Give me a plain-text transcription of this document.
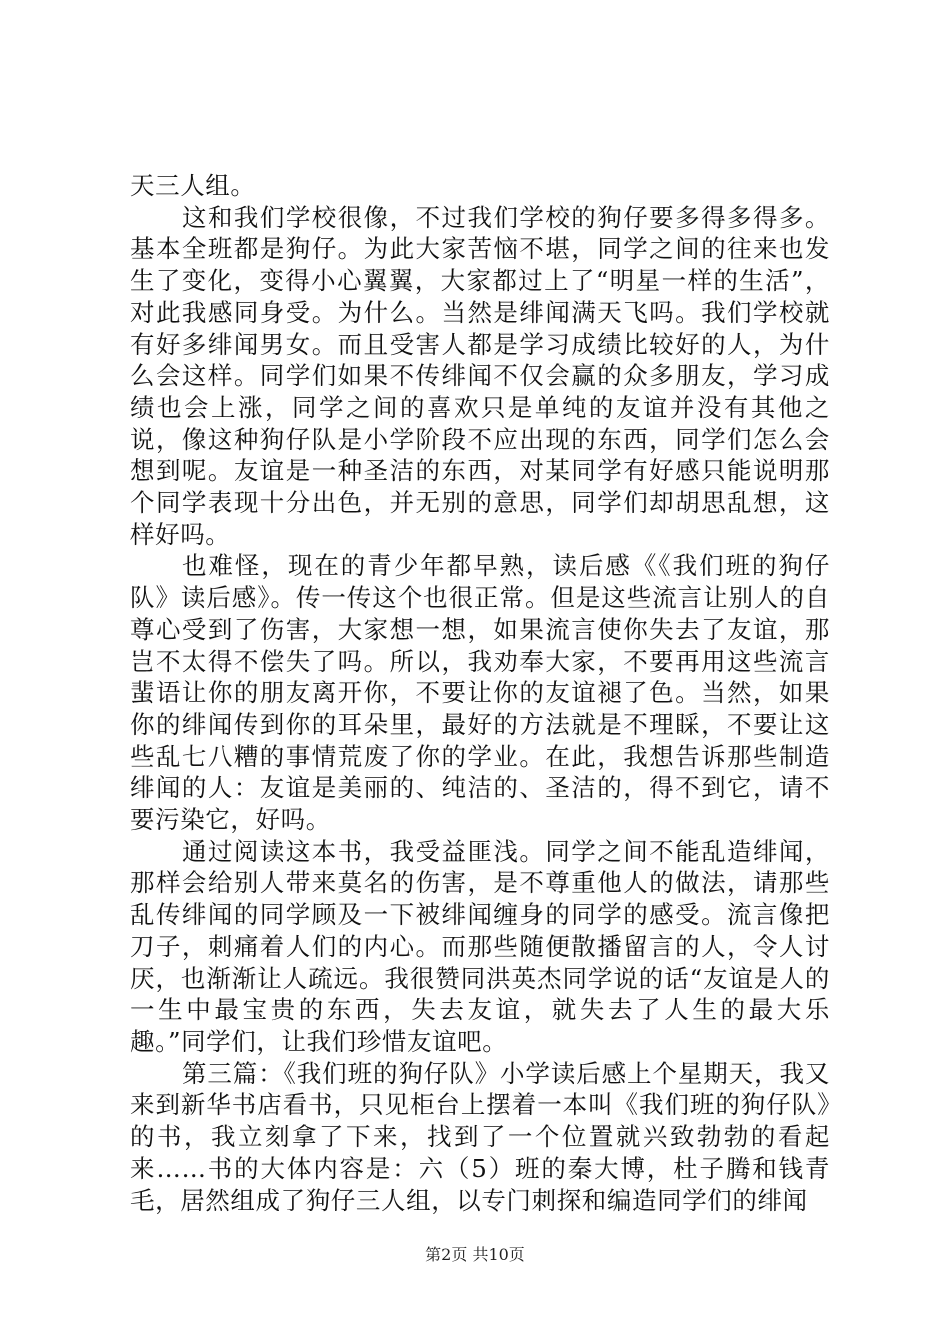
天三人组。

这和我们学校很像，不过我们学校的狗仔要多得多得多。基本全班都是狗仔。为此大家苦恼不堪，同学之间的往来也发生了变化，变得小心翼翼，大家都过上了“明星一样的生活”，对此我感同身受。为什么。当然是绯闻满天飞吗。我们学校就有好多绯闻男女。而且受害人都是学习成绩比较好的人，为什么会这样。同学们如果不传绯闻不仅会赢的众多朋友，学习成绩也会上涨，同学之间的喜欢只是单纯的友谊并没有其他之说，像这种狗仔队是小学阶段不应出现的东西，同学们怎么会想到呢。友谊是一种圣洁的东西，对某同学有好感只能说明那个同学表现十分出色，并无别的意思，同学们却胡思乱想，这样好吗。

也难怪，现在的青少年都早熟，读后感《《我们班的狗仔队》读后感》。传一传这个也很正常。但是这些流言让别人的自尊心受到了伤害，大家想一想，如果流言使你失去了友谊，那岂不太得不偿失了吗。所以，我劝奉大家，不要再用这些流言蜚语让你的朋友离开你，不要让你的友谊褪了色。当然，如果你的绯闻传到你的耳朵里，最好的方法就是不理睬，不要让这些乱七八糟的事情荒废了你的学业。在此，我想告诉那些制造绯闻的人：友谊是美丽的、纯洁的、圣洁的，得不到它，请不要污染它，好吗。

通过阅读这本书，我受益匪浅。同学之间不能乱造绯闻，那样会给别人带来莫名的伤害，是不尊重他人的做法，请那些乱传绯闻的同学顾及一下被绯闻缠身的同学的感受。流言像把刀子，刺痛着人们的内心。而那些随便散播留言的人，令人讨厌，也渐渐让人疏远。我很赞同洪英杰同学说的话“友谊是人的一生中最宝贵的东西，失去友谊，就失去了人生的最大乐趣。”同学们，让我们珍惜友谊吧。

第三篇：《我们班的狗仔队》小学读后感上个星期天，我又来到新华书店看书，只见柜台上摆着一本叫《我们班的狗仔队》的书，我立刻拿了下来，找到了一个位置就兴致勃勃的看起来……书的大体内容是：六（5）班的秦大博，杜子腾和钱青毛，居然组成了狗仔三人组，以专门刺探和编造同学们的绯闻

第2页 共10页
